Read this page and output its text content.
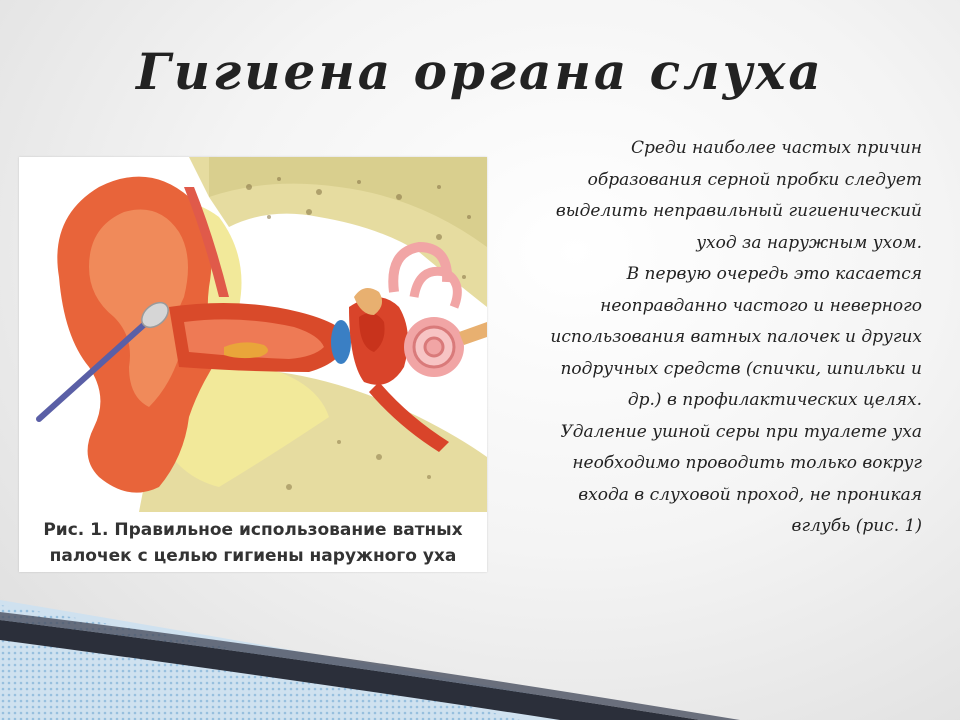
Гигиена органа слуха
Рис. 1. Правильное использование ватных
палочек с целью гигиены наружного уха
Среди наиболее частых причин
образования серной пробки следует
выделить неправильный гигиенический
уход за наружным ухом.
В первую очередь это касается
неоправданно частого и неверного
использования ватных палочек и других
подручных средств (спички, шпильки и
др.) в профилактических целях.
Удаление ушной серы при туалете уха
необходимо проводить только вокруг
входа в слуховой проход, не проникая
вглубь (рис. 1)
